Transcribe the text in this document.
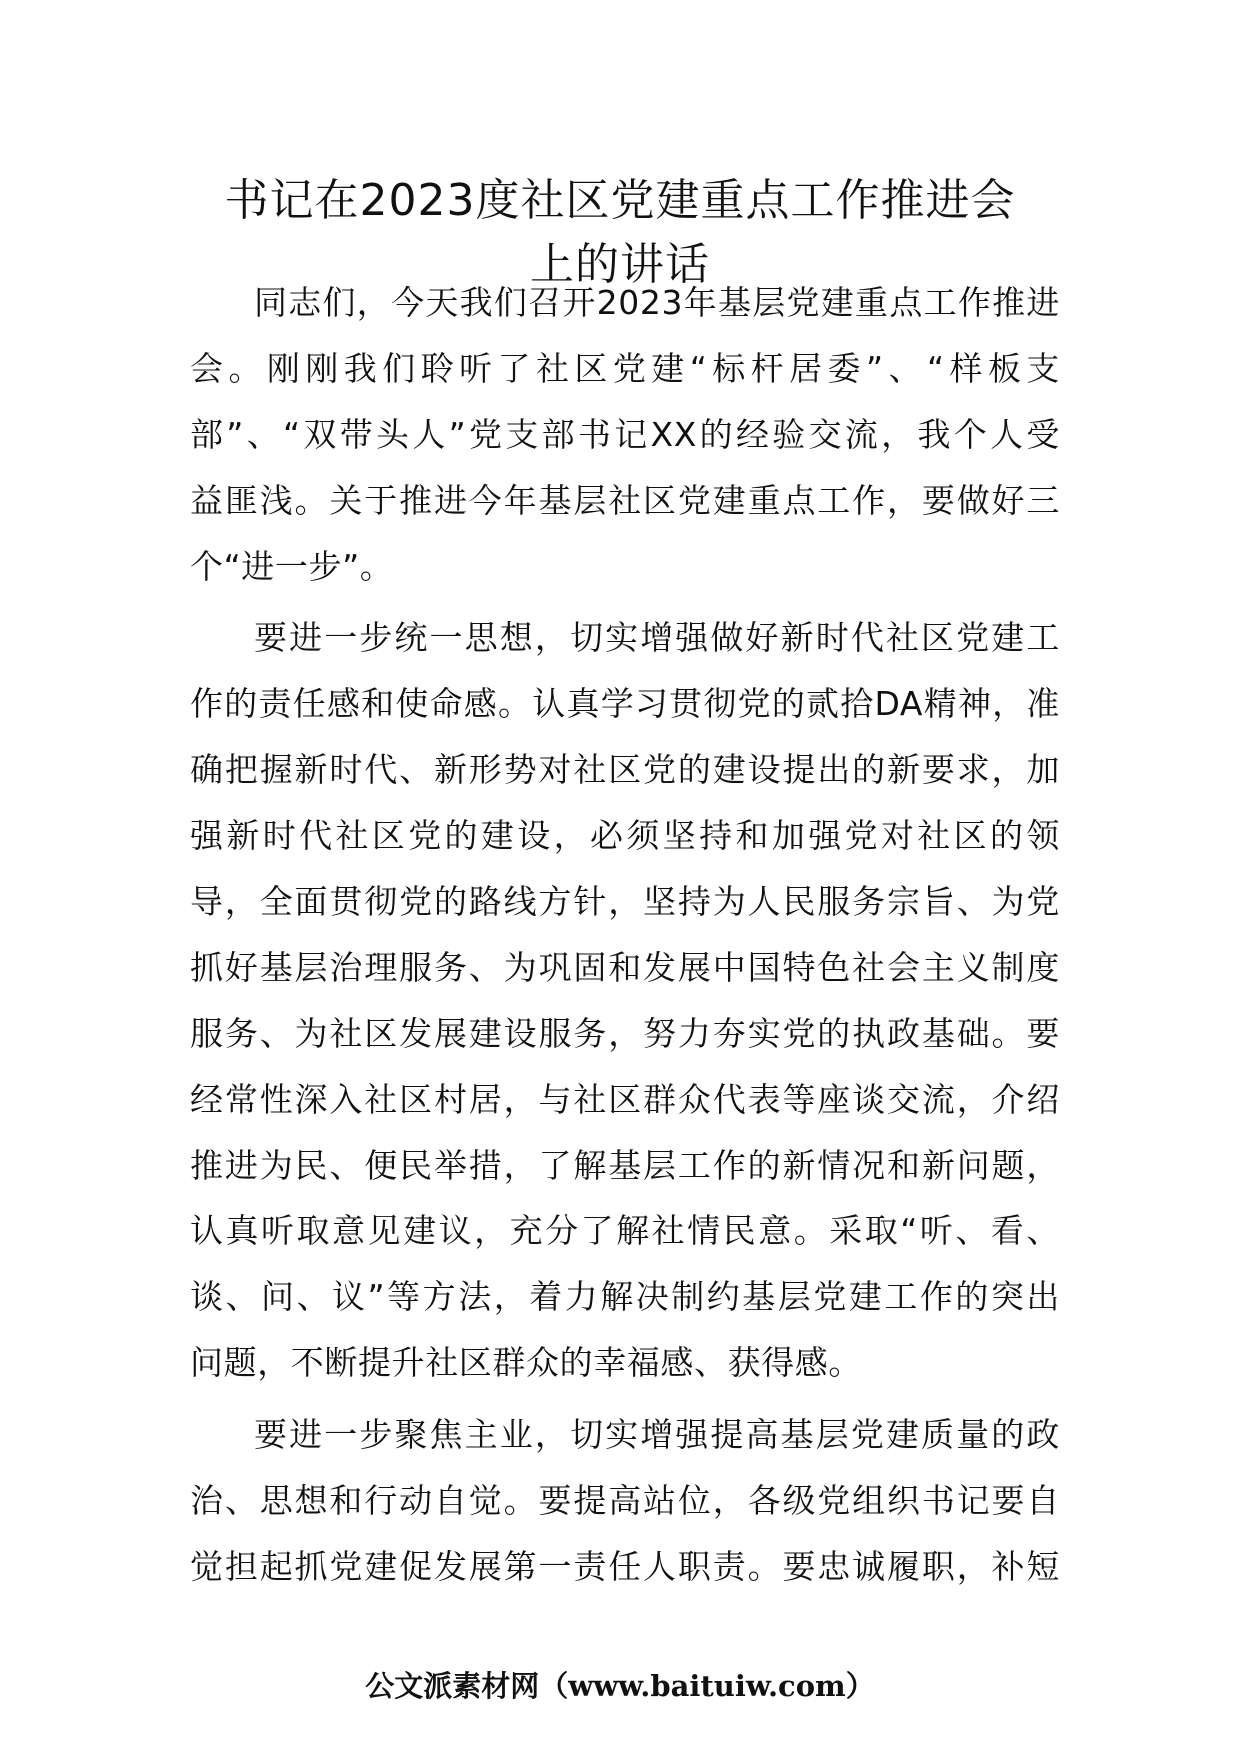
书记在2023度社区党建重点工作推进会
上的讲话
同志们，今天我们召开2023年基层党建重点工作推进
会。刚刚我们聆听了社区党建“标杆居委”、“样板支
部”、“双带头人”党支部书记XX的经验交流，我个人受
益匪浅。关于推进今年基层社区党建重点工作，要做好三
个“进一步”。
要进一步统一思想，切实增强做好新时代社区党建工
作的责任感和使命感。认真学习贯彻党的贰拾DA精神，准
确把握新时代、新形势对社区党的建设提出的新要求，加
强新时代社区党的建设，必须坚持和加强党对社区的领
导，全面贯彻党的路线方针，坚持为人民服务宗旨、为党
抓好基层治理服务、为巩固和发展中国特色社会主义制度
服务、为社区发展建设服务，努力夯实党的执政基础。要
经常性深入社区村居，与社区群众代表等座谈交流，介绍
推进为民、便民举措，了解基层工作的新情况和新问题，
认真听取意见建议，充分了解社情民意。采取“听、看、
谈、问、议”等方法，着力解决制约基层党建工作的突出
问题，不断提升社区群众的幸福感、获得感。
要进一步聚焦主业，切实增强提高基层党建质量的政
治、思想和行动自觉。要提高站位，各级党组织书记要自
觉担起抓党建促发展第一责任人职责。要忠诚履职，补短
公文派素材网（www.baituiw.com）
